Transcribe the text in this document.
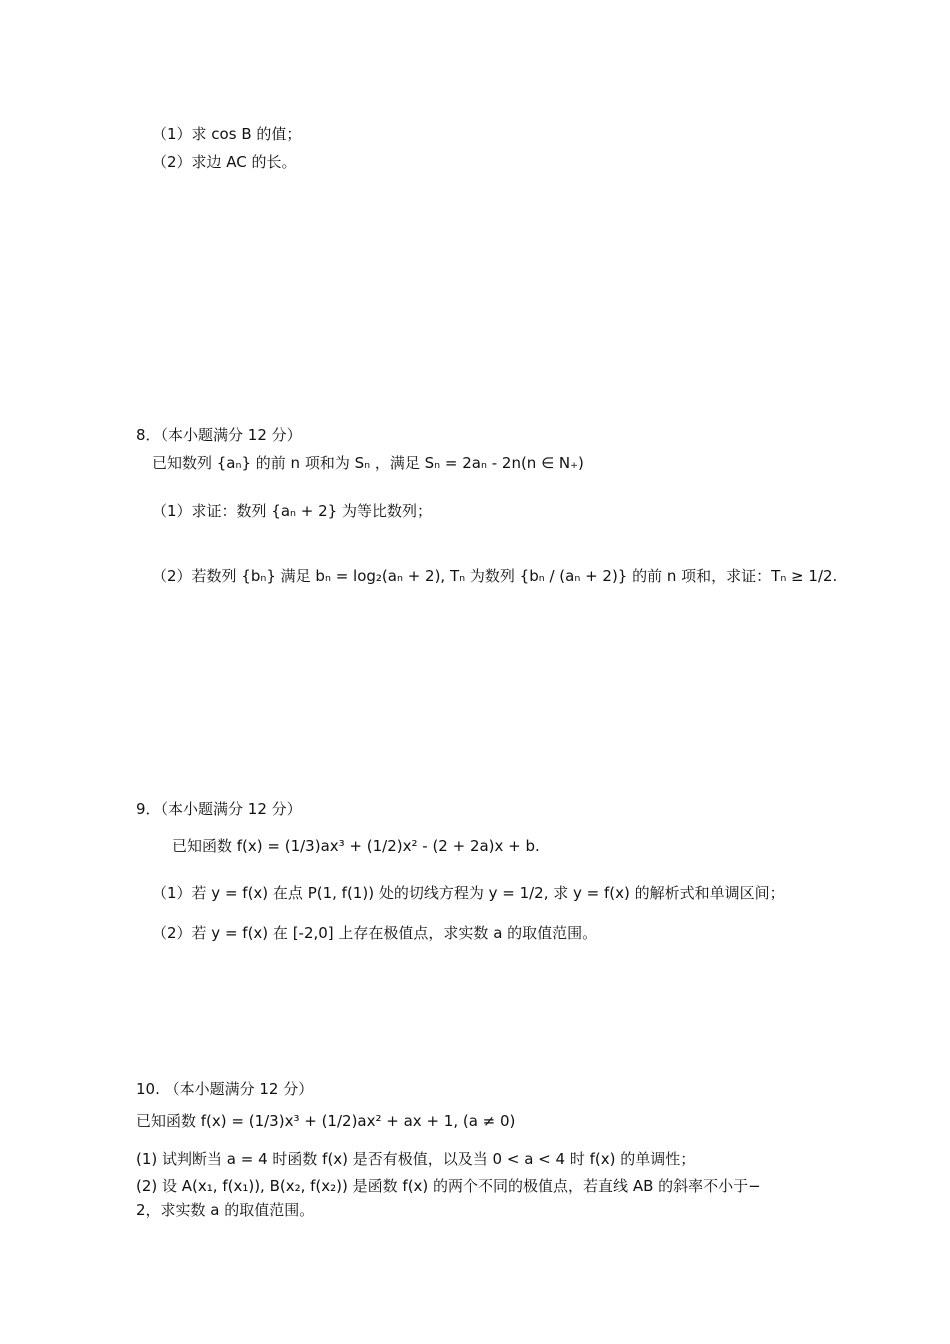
（1）求 cos B 的值；
（2）求边 AC 的长。
8．（本小题满分 12 分）
已知数列 {aₙ} 的前 n 项和为 Sₙ ，满足 Sₙ = 2aₙ - 2n(n ∈ N₊)
（1）求证：数列 {aₙ + 2} 为等比数列；
（2）若数列 {bₙ} 满足 bₙ = log₂(aₙ + 2), Tₙ 为数列 {bₙ / (aₙ + 2)} 的前 n 项和，求证：Tₙ ≥ 1/2.
9．（本小题满分 12 分）
已知函数 f(x) = (1/3)ax³ + (1/2)x² - (2 + 2a)x + b.
（1）若 y = f(x) 在点 P(1, f(1)) 处的切线方程为 y = 1/2, 求 y = f(x) 的解析式和单调区间；
（2）若 y = f(x) 在 [-2,0] 上存在极值点，求实数 a 的取值范围。
10. （本小题满分 12 分）
已知函数 f(x) = (1/3)x³ + (1/2)ax² + ax + 1, (a ≠ 0)
(1) 试判断当 a = 4 时函数 f(x) 是否有极值，以及当 0 < a < 4 时 f(x) 的单调性；
(2) 设 A(x₁, f(x₁)), B(x₂, f(x₂)) 是函数 f(x) 的两个不同的极值点，若直线 AB 的斜率不小于−
2，求实数 a 的取值范围。
